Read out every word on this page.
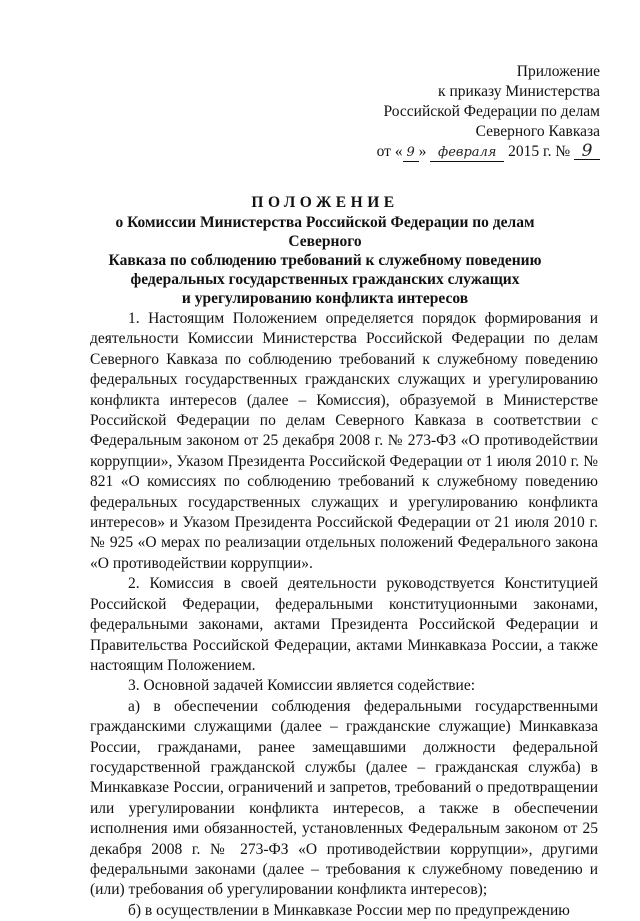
Приложение
к приказу Министерства
Российской Федерации по делам
Северного Кавказа
от « 9 » февраля 2015 г. № 9
ПОЛОЖЕНИЕ
о Комиссии Министерства Российской Федерации по делам Северного
Кавказа по соблюдению требований к служебному поведению
федеральных государственных гражданских служащих
и урегулированию конфликта интересов

1. Настоящим Положением определяется порядок формирования и деятельности Комиссии Министерства Российской Федерации по делам Северного Кавказа по соблюдению требований к служебному поведению федеральных государственных гражданских служащих и урегулированию конфликта интересов (далее – Комиссия), образуемой в Министерстве Российской Федерации по делам Северного Кавказа в соответствии с Федеральным законом от 25 декабря 2008 г. № 273-ФЗ «О противодействии коррупции», Указом Президента Российской Федерации от 1 июля 2010 г. № 821 «О комиссиях по соблюдению требований к служебному поведению федеральных государственных служащих и урегулированию конфликта интересов» и Указом Президента Российской Федерации от 21 июля 2010 г. № 925 «О мерах по реализации отдельных положений Федерального закона «О противодействии коррупции».

2. Комиссия в своей деятельности руководствуется Конституцией Российской Федерации, федеральными конституционными законами, федеральными законами, актами Президента Российской Федерации и Правительства Российской Федерации, актами Минкавказа России, а также настоящим Положением.

3. Основной задачей Комиссии является содействие:

а) в обеспечении соблюдения федеральными государственными гражданскими служащими (далее – гражданские служащие) Минкавказа России, гражданами, ранее замещавшими должности федеральной государственной гражданской службы (далее – гражданская служба) в Минкавказе России, ограничений и запретов, требований о предотвращении или урегулировании конфликта интересов, а также в обеспечении исполнения ими обязанностей, установленных Федеральным законом от 25 декабря 2008 г. № 273-ФЗ «О противодействии коррупции», другими федеральными законами (далее – требования к служебному поведению и (или) требования об урегулировании конфликта интересов);

б) в осуществлении в Минкавказе России мер по предупреждению
